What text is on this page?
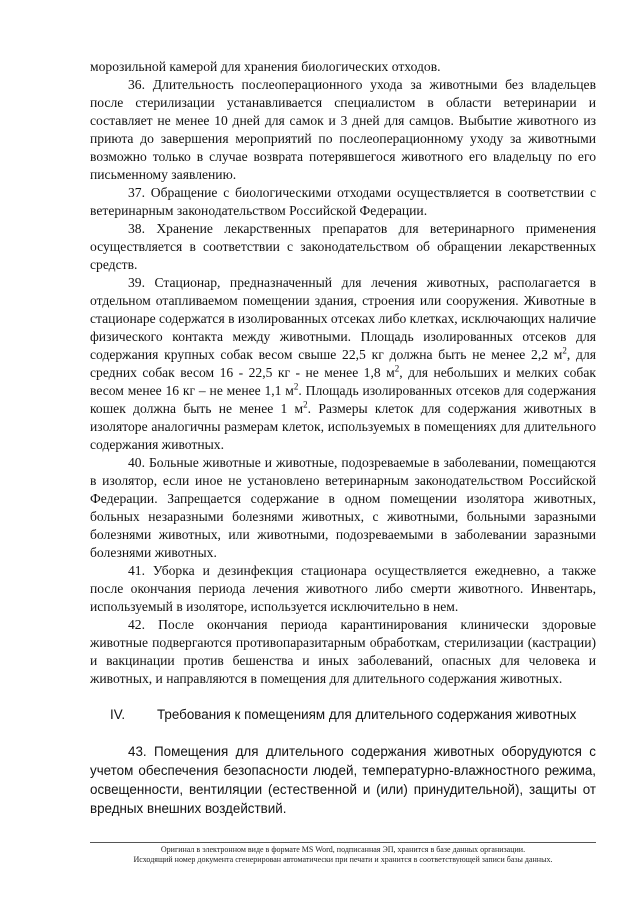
морозильной камерой для хранения биологических отходов.

36. Длительность послеоперационного ухода за животными без владельцев после стерилизации устанавливается специалистом в области ветеринарии и составляет не менее 10 дней для самок и 3 дней для самцов. Выбытие животного из приюта до завершения мероприятий по послеоперационному уходу за животными возможно только в случае возврата потерявшегося животного его владельцу по его письменному заявлению.

37. Обращение с биологическими отходами осуществляется в соответствии с ветеринарным законодательством Российской Федерации.

38. Хранение лекарственных препаратов для ветеринарного применения осуществляется в соответствии с законодательством об обращении лекарственных средств.

39. Стационар, предназначенный для лечения животных, располагается в отдельном отапливаемом помещении здания, строения или сооружения. Животные в стационаре содержатся в изолированных отсеках либо клетках, исключающих наличие физического контакта между животными. Площадь изолированных отсеков для содержания крупных собак весом свыше 22,5 кг должна быть не менее 2,2 $м^2$, для средних собак весом 16 - 22,5 кг - не менее 1,8 $м^2$, для небольших и мелких собак весом менее 16 кг – не менее 1,1 $м^2$. Площадь изолированных отсеков для содержания кошек должна быть не менее 1 $м^2$. Размеры клеток для содержания животных в изоляторе аналогичны размерам клеток, используемых в помещениях для длительного содержания животных.

40. Больные животные и животные, подозреваемые в заболевании, помещаются в изолятор, если иное не установлено ветеринарным законодательством Российской Федерации. Запрещается содержание в одном помещении изолятора животных, больных незаразными болезнями животных, с животными, больными заразными болезнями животных, или животными, подозреваемыми в заболевании заразными болезнями животных.

41. Уборка и дезинфекция стационара осуществляется ежедневно, а также после окончания периода лечения животного либо смерти животного. Инвентарь, используемый в изоляторе, используется исключительно в нем.

42. После окончания периода карантинирования клинически здоровые животные подвергаются противопаразитарным обработкам, стерилизации (кастрации) и вакцинации против бешенства и иных заболеваний, опасных для человека и животных, и направляются в помещения для длительного содержания животных.

IV. Требования к помещениям для длительного содержания животных

43. Помещения для длительного содержания животных оборудуются с учетом обеспечения безопасности людей, температурно-влажностного режима, освещенности, вентиляции (естественной и (или) принудительной), защиты от вредных внешних воздействий.

Оригинал в электронном виде в формате MS Word, подписанная ЭП, хранится в базе данных организации.
Исходящий номер документа сгенерирован автоматически при печати и хранится в соответствующей записи базы данных.
